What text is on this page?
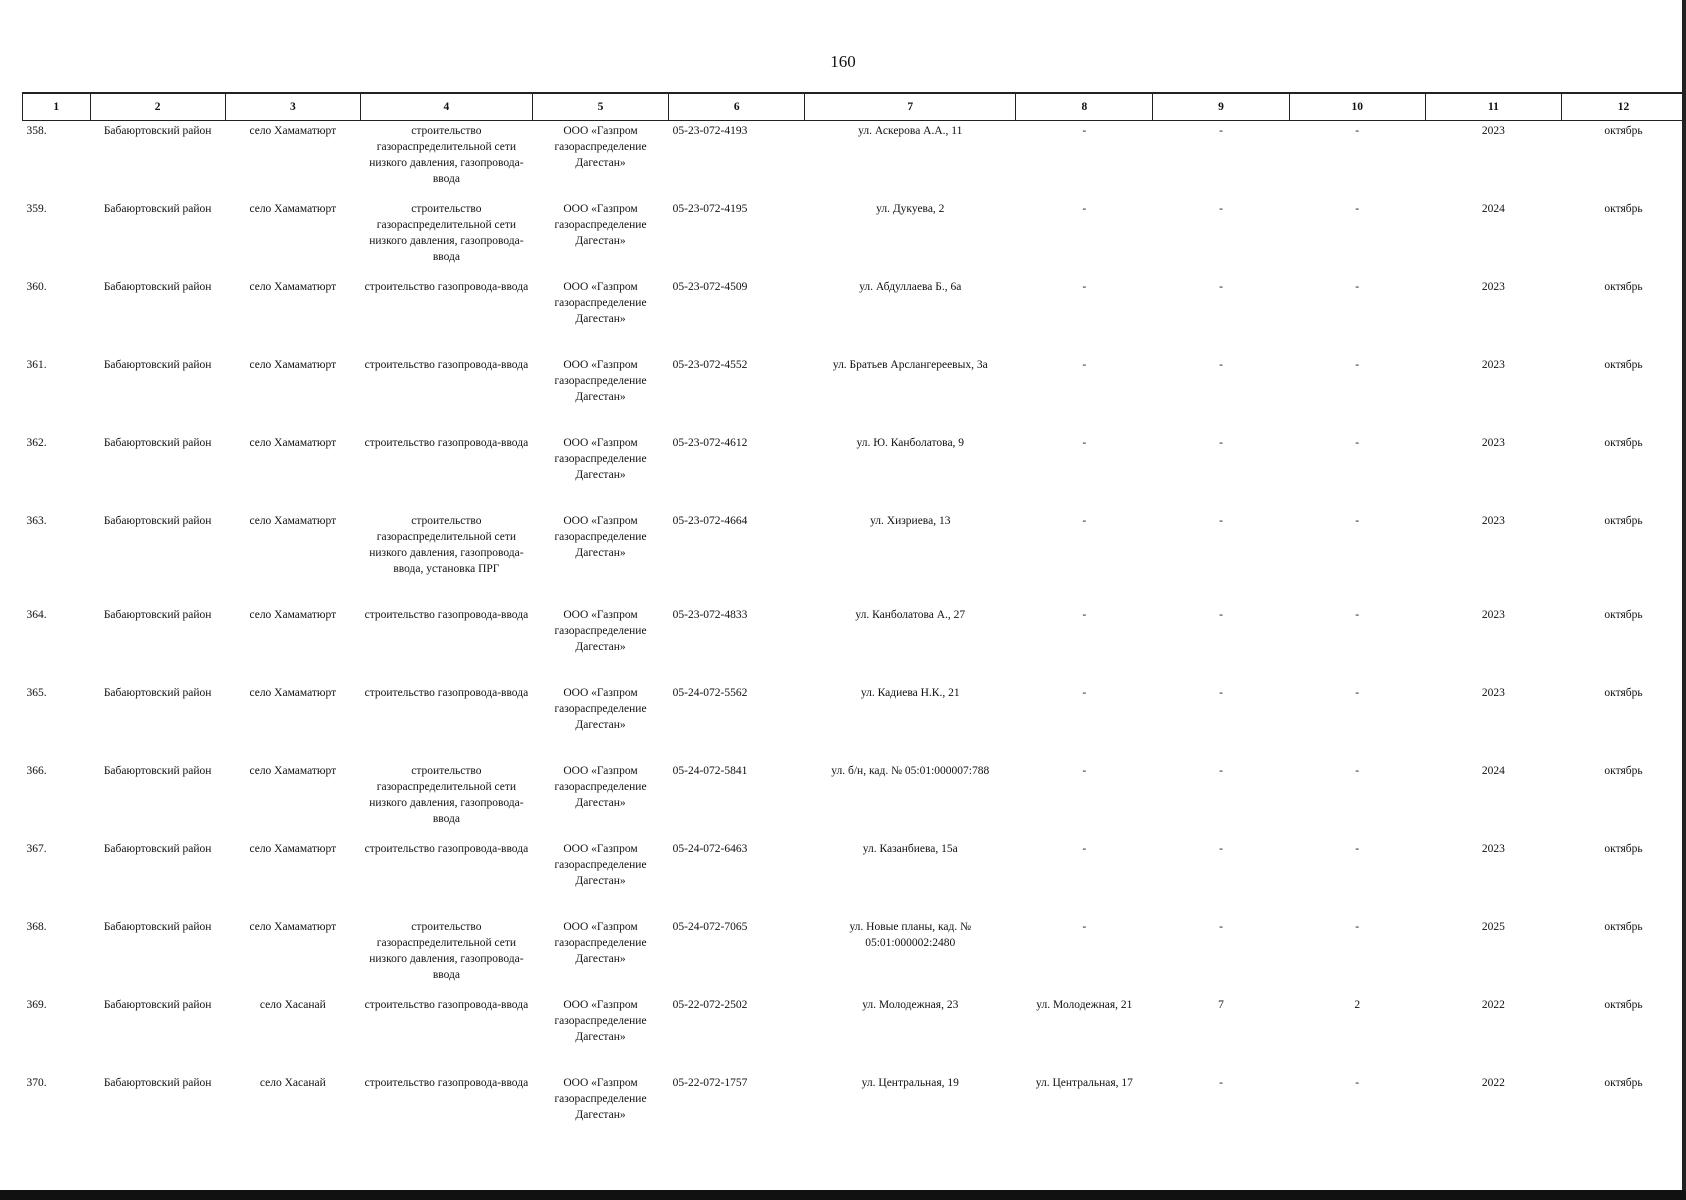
160
1	2	3	4	5	6	7	8	9	10	11	12
358.	Бабаюртовский район	село Хамаматюрт	строительство газораспределительной сети низкого давления, газопровода-ввода	ООО «Газпром газораспределение Дагестан»	05-23-072-4193	ул. Аскерова А.А., 11	-	-	-	2023	октябрь
359.	Бабаюртовский район	село Хамаматюрт	строительство газораспределительной сети низкого давления, газопровода-ввода	ООО «Газпром газораспределение Дагестан»	05-23-072-4195	ул. Дукуева, 2	-	-	-	2024	октябрь
360.	Бабаюртовский район	село Хамаматюрт	строительство газопровода-ввода	ООО «Газпром газораспределение Дагестан»	05-23-072-4509	ул. Абдуллаева Б., 6а	-	-	-	2023	октябрь
361.	Бабаюртовский район	село Хамаматюрт	строительство газопровода-ввода	ООО «Газпром газораспределение Дагестан»	05-23-072-4552	ул. Братьев Арслангереевых, 3а	-	-	-	2023	октябрь
362.	Бабаюртовский район	село Хамаматюрт	строительство газопровода-ввода	ООО «Газпром газораспределение Дагестан»	05-23-072-4612	ул. Ю. Канболатова, 9	-	-	-	2023	октябрь
363.	Бабаюртовский район	село Хамаматюрт	строительство газораспределительной сети низкого давления, газопровода-ввода, установка ПРГ	ООО «Газпром газораспределение Дагестан»	05-23-072-4664	ул. Хизриева, 13	-	-	-	2023	октябрь
364.	Бабаюртовский район	село Хамаматюрт	строительство газопровода-ввода	ООО «Газпром газораспределение Дагестан»	05-23-072-4833	ул. Канболатова А., 27	-	-	-	2023	октябрь
365.	Бабаюртовский район	село Хамаматюрт	строительство газопровода-ввода	ООО «Газпром газораспределение Дагестан»	05-24-072-5562	ул. Кадиева Н.К., 21	-	-	-	2023	октябрь
366.	Бабаюртовский район	село Хамаматюрт	строительство газораспределительной сети низкого давления, газопровода-ввода	ООО «Газпром газораспределение Дагестан»	05-24-072-5841	ул. б/н, кад. № 05:01:000007:788	-	-	-	2024	октябрь
367.	Бабаюртовский район	село Хамаматюрт	строительство газопровода-ввода	ООО «Газпром газораспределение Дагестан»	05-24-072-6463	ул. Казанбиева, 15а	-	-	-	2023	октябрь
368.	Бабаюртовский район	село Хамаматюрт	строительство газораспределительной сети низкого давления, газопровода-ввода	ООО «Газпром газораспределение Дагестан»	05-24-072-7065	ул. Новые планы, кад. № 05:01:000002:2480	-	-	-	2025	октябрь
369.	Бабаюртовский район	село Хасанай	строительство газопровода-ввода	ООО «Газпром газораспределение Дагестан»	05-22-072-2502	ул. Молодежная, 23	ул. Молодежная, 21	7	2	2022	октябрь
370.	Бабаюртовский район	село Хасанай	строительство газопровода-ввода	ООО «Газпром газораспределение Дагестан»	05-22-072-1757	ул. Центральная, 19	ул. Центральная, 17	-	-	2022	октябрь
